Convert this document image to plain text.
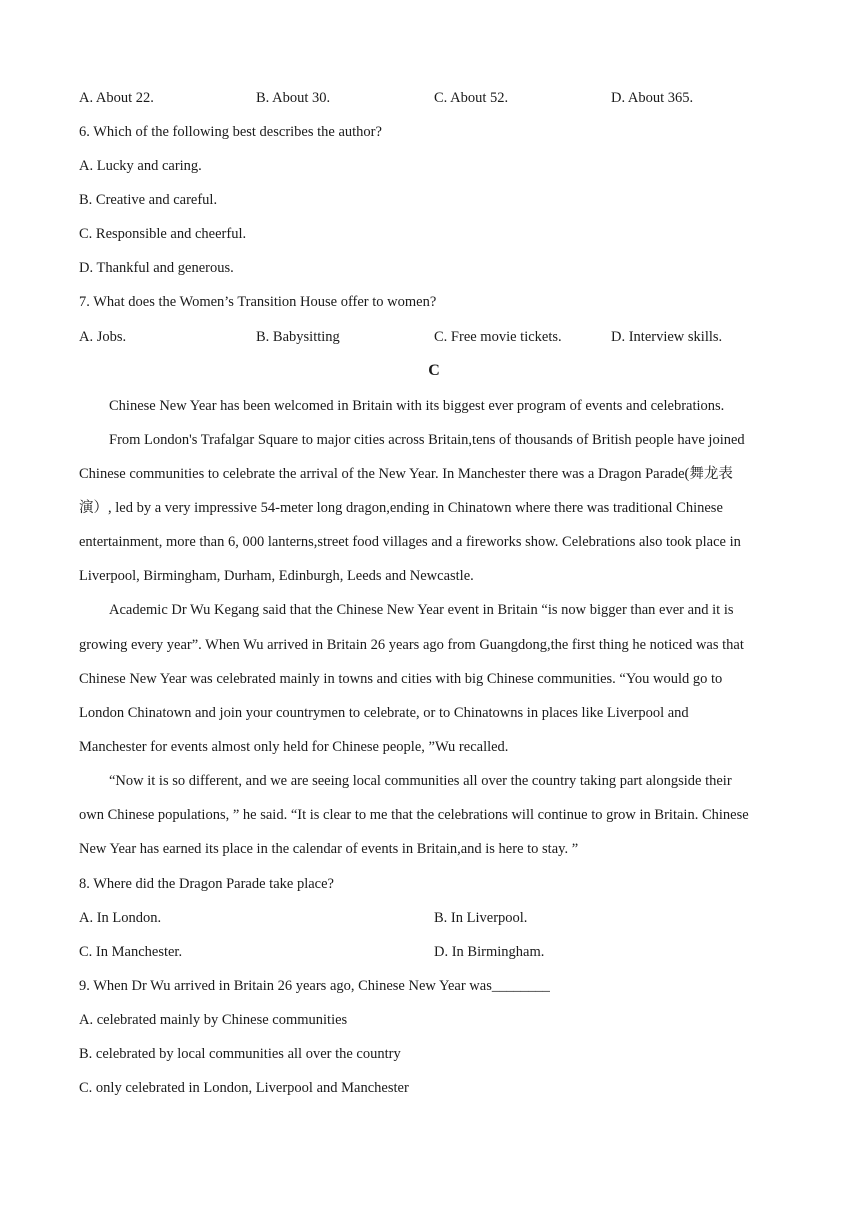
A. About 22.	B. About 30.	C. About 52.	D. About 365.
6. Which of the following best describes the author?
A. Lucky and caring.
B. Creative and careful.
C. Responsible and cheerful.
D. Thankful and generous.
7. What does the Women’s Transition House offer to women?
A. Jobs.	B. Babysitting	C. Free movie tickets.	D. Interview skills.
C
Chinese New Year has been welcomed in Britain with its biggest ever program of events and celebrations.
From London's Trafalgar Square to major cities across Britain,tens of thousands of British people have joined
Chinese communities to celebrate the arrival of the New Year. In Manchester there was a Dragon Parade(舞龙表
演）, led by a very impressive 54-meter long dragon,ending in Chinatown where there was traditional Chinese
entertainment, more than 6, 000 lanterns,street food villages and a fireworks show. Celebrations also took place in
Liverpool, Birmingham, Durham, Edinburgh, Leeds and Newcastle.
Academic Dr Wu Kegang said that the Chinese New Year event in Britain “is now bigger than ever and it is
growing every year”. When Wu arrived in Britain 26 years ago from Guangdong,the first thing he noticed was that
Chinese New Year was celebrated mainly in towns and cities with big Chinese communities. “You would go to
London Chinatown and join your countrymen to celebrate, or to Chinatowns in places like Liverpool and
Manchester for events almost only held for Chinese people, ”Wu recalled.
“Now it is so different, and we are seeing local communities all over the country taking part alongside their
own Chinese populations, ” he said. “It is clear to me that the celebrations will continue to grow in Britain. Chinese
New Year has earned its place in the calendar of events in Britain,and is here to stay. ”
8. Where did the Dragon Parade take place?
A. In London.	B. In Liverpool.
C. In Manchester.	D. In Birmingham.
9. When Dr Wu arrived in Britain 26 years ago, Chinese New Year was________
A. celebrated mainly by Chinese communities
B. celebrated by local communities all over the country
C. only celebrated in London, Liverpool and Manchester
